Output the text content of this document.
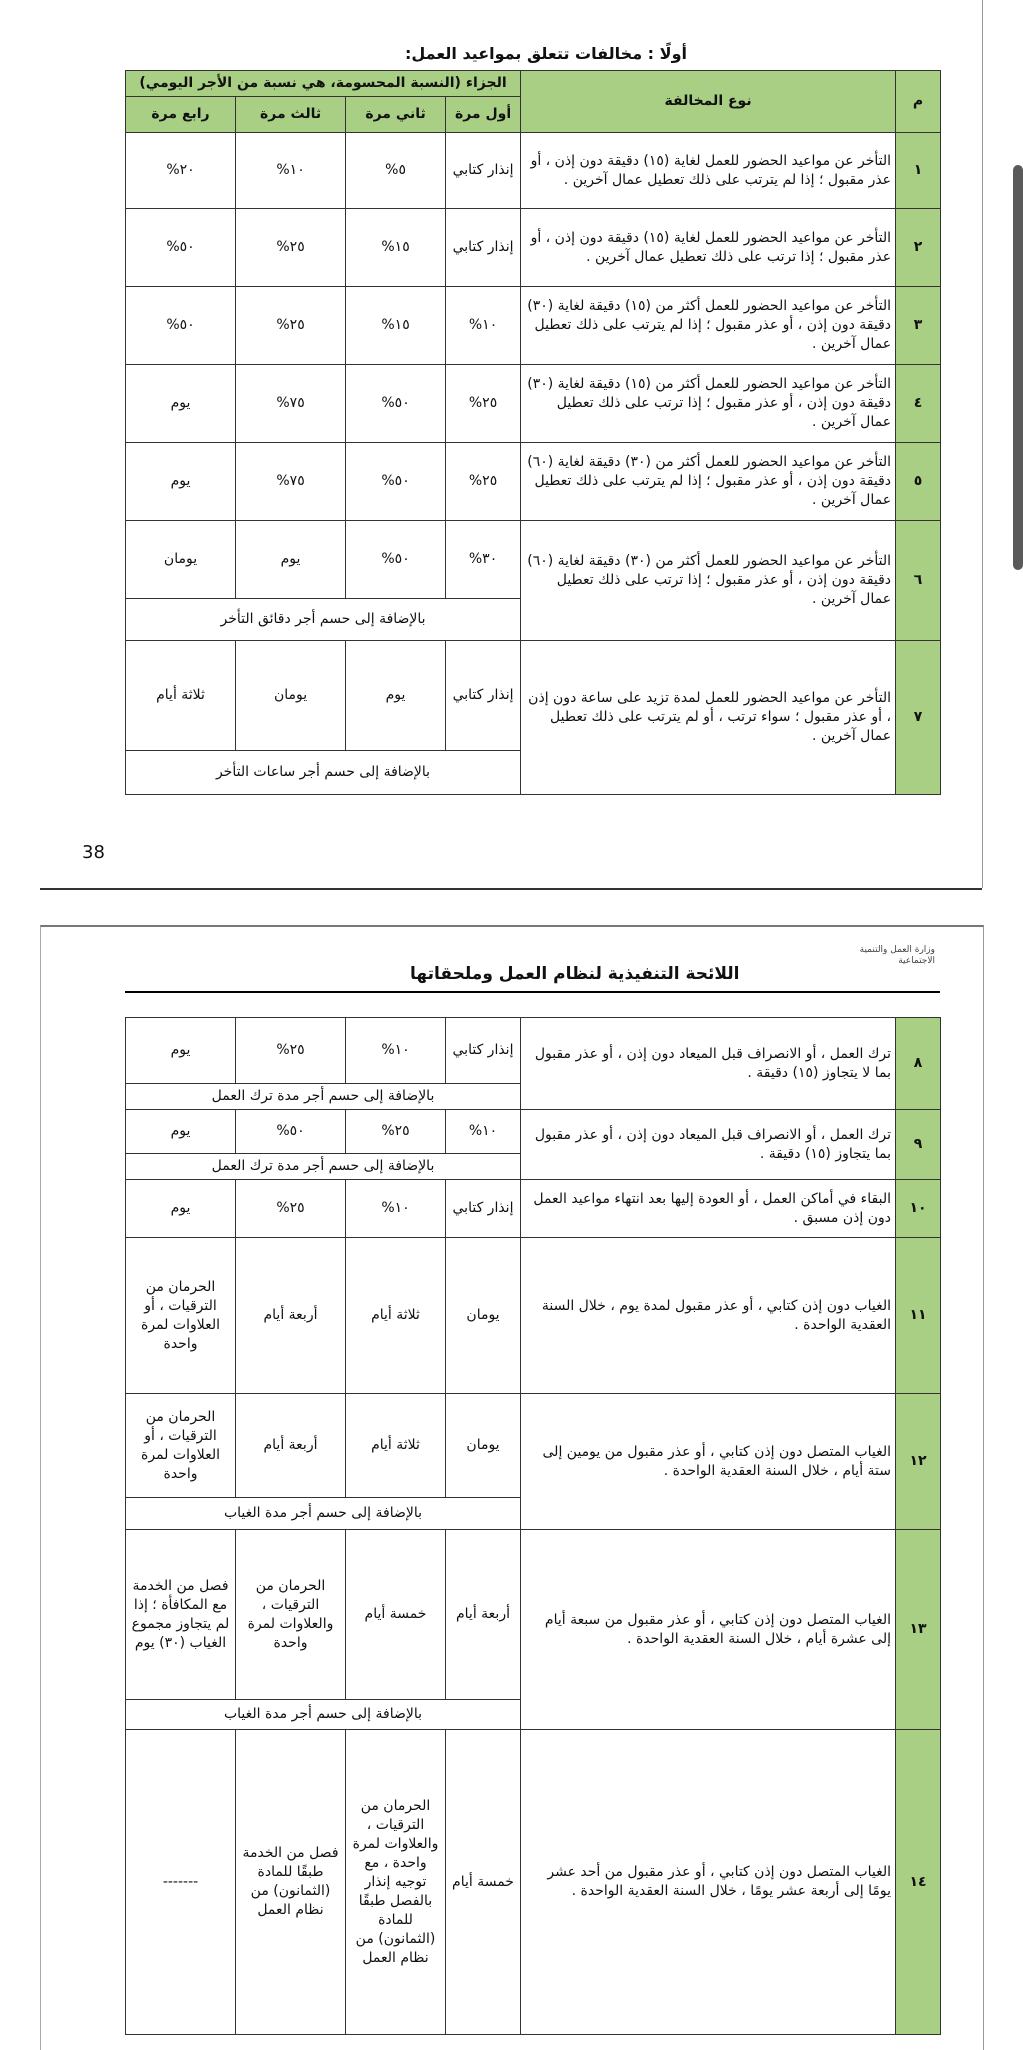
أولًا : مخالفات تتعلق بمواعيد العمل:
م	نوع المخالفة	الجزاء (النسبة المحسومة، هي نسبة من الأجر اليومي)			
		أول مرة	ثاني مرة	ثالث مرة	رابع مرة
١	التأخر عن مواعيد الحضور للعمل لغاية (١٥) دقيقة دون إذن ، أو عذر مقبول ؛ إذا لم يترتب على ذلك تعطيل عمال آخرين .	إنذار كتابي	٥%	١٠%	٢٠%
٢	التأخر عن مواعيد الحضور للعمل لغاية (١٥) دقيقة دون إذن ، أو عذر مقبول ؛ إذا ترتب على ذلك تعطيل عمال آخرين .	إنذار كتابي	١٥%	٢٥%	٥٠%
٣	التأخر عن مواعيد الحضور للعمل أكثر من (١٥) دقيقة لغاية (٣٠) دقيقة دون إذن ، أو عذر مقبول ؛ إذا لم يترتب على ذلك تعطيل عمال آخرين .	١٠%	١٥%	٢٥%	٥٠%
٤	التأخر عن مواعيد الحضور للعمل أكثر من (١٥) دقيقة لغاية (٣٠) دقيقة دون إذن ، أو عذر مقبول ؛ إذا ترتب على ذلك تعطيل عمال آخرين .	٢٥%	٥٠%	٧٥%	يوم
٥	التأخر عن مواعيد الحضور للعمل أكثر من (٣٠) دقيقة لغاية (٦٠) دقيقة دون إذن ، أو عذر مقبول ؛ إذا لم يترتب على ذلك تعطيل عمال آخرين .	٢٥%	٥٠%	٧٥%	يوم
٦	التأخر عن مواعيد الحضور للعمل أكثر من (٣٠) دقيقة لغاية (٦٠) دقيقة دون إذن ، أو عذر مقبول ؛ إذا ترتب على ذلك تعطيل عمال آخرين .	٣٠%	٥٠%	يوم	يومان
		بالإضافة إلى حسم أجر دقائق التأخر			
٧	التأخر عن مواعيد الحضور للعمل لمدة تزيد على ساعة دون إذن ، أو عذر مقبول ؛ سواء ترتب ، أو لم يترتب على ذلك تعطيل عمال آخرين .	إنذار كتابي	يوم	يومان	ثلاثة أيام
		بالإضافة إلى حسم أجر ساعات التأخر			
38
وزارة العمل والتنمية الاجتماعية
اللائحة التنفيذية لنظام العمل وملحقاتها
٨	ترك العمل ، أو الانصراف قبل الميعاد دون إذن ، أو عذر مقبول بما لا يتجاوز (١٥) دقيقة .	إنذار كتابي	١٠%	٢٥%	يوم
		بالإضافة إلى حسم أجر مدة ترك العمل			
٩	ترك العمل ، أو الانصراف قبل الميعاد دون إذن ، أو عذر مقبول بما يتجاوز (١٥) دقيقة .	١٠%	٢٥%	٥٠%	يوم
		بالإضافة إلى حسم أجر مدة ترك العمل			
١٠	البقاء في أماكن العمل ، أو العودة إليها بعد انتهاء مواعيد العمل دون إذن مسبق .	إنذار كتابي	١٠%	٢٥%	يوم
١١	الغياب دون إذن كتابي ، أو عذر مقبول لمدة يوم ، خلال السنة العقدية الواحدة .	يومان	ثلاثة أيام	أربعة أيام	الحرمان من الترقيات ، أو العلاوات لمرة واحدة
١٢	الغياب المتصل دون إذن كتابي ، أو عذر مقبول من يومين إلى ستة أيام ، خلال السنة العقدية الواحدة .	يومان	ثلاثة أيام	أربعة أيام	الحرمان من الترقيات ، أو العلاوات لمرة واحدة
		بالإضافة إلى حسم أجر مدة الغياب			
١٣	الغياب المتصل دون إذن كتابي ، أو عذر مقبول من سبعة أيام إلى عشرة أيام ، خلال السنة العقدية الواحدة .	أربعة أيام	خمسة أيام	الحرمان من الترقيات ، والعلاوات لمرة واحدة	فصل من الخدمة مع المكافأة ؛ إذا لم يتجاوز مجموع الغياب (٣٠) يوم
		بالإضافة إلى حسم أجر مدة الغياب			
١٤	الغياب المتصل دون إذن كتابي ، أو عذر مقبول من أحد عشر يومًا إلى أربعة عشر يومًا ، خلال السنة العقدية الواحدة .	خمسة أيام	الحرمان من الترقيات ، والعلاوات لمرة واحدة ، مع توجيه إنذار بالفصل طبقًا للمادة (الثمانون) من نظام العمل	فصل من الخدمة طبقًا للمادة (الثمانون) من نظام العمل	-------
